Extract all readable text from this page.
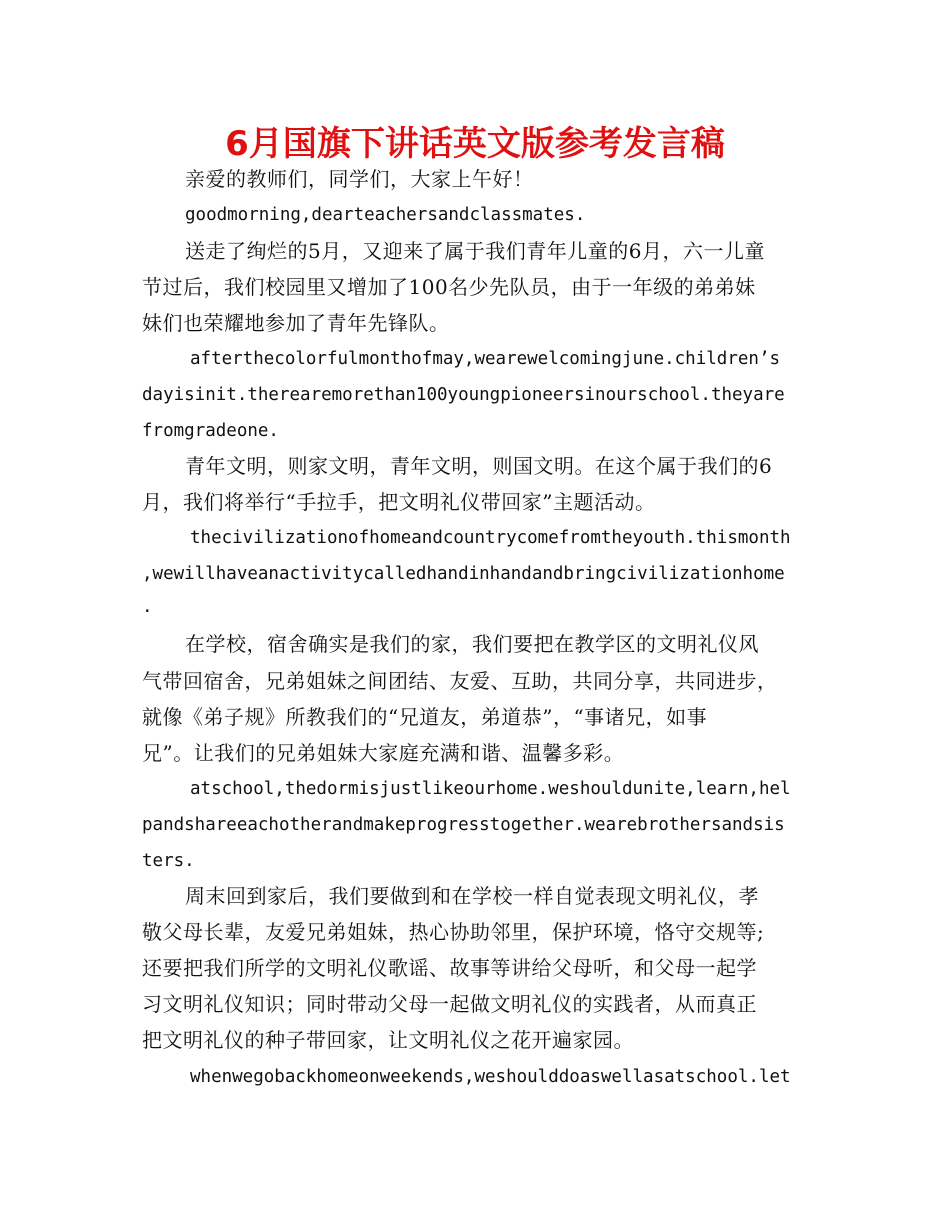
6月国旗下讲话英文版参考发言稿

亲爱的教师们，同学们，大家上午好！

goodmorning,dearteachersandclassmates.

送走了绚烂的5月，又迎来了属于我们青年儿童的6月，六一儿童

节过后，我们校园里又增加了100名少先队员，由于一年级的弟弟妹

妹们也荣耀地参加了青年先锋队。

afterthecolorfulmonthofmay,wearewelcomingjune.children’s

dayisinit.therearemorethan100youngpioneersinourschool.theyare

fromgradeone.

青年文明，则家文明，青年文明，则国文明。在这个属于我们的6

月，我们将举行“手拉手，把文明礼仪带回家”主题活动。

thecivilizationofhomeandcountrycomefromtheyouth.thismonth

,wewillhaveanactivitycalledhandinhandandbringcivilizationhome

.

在学校，宿舍确实是我们的家，我们要把在教学区的文明礼仪风

气带回宿舍，兄弟姐妹之间团结、友爱、互助，共同分享，共同进步，

就像《弟子规》所教我们的“兄道友，弟道恭”，“事诸兄，如事

兄”。让我们的兄弟姐妹大家庭充满和谐、温馨多彩。

atschool,thedormisjustlikeourhome.weshouldunite,learn,hel

pandshareeachotherandmakeprogresstogether.wearebrothersandsis

ters.

周末回到家后，我们要做到和在学校一样自觉表现文明礼仪，孝

敬父母长辈，友爱兄弟姐妹，热心协助邻里，保护环境，恪守交规等;

还要把我们所学的文明礼仪歌谣、故事等讲给父母听，和父母一起学

习文明礼仪知识；同时带动父母一起做文明礼仪的实践者，从而真正

把文明礼仪的种子带回家，让文明礼仪之花开遍家园。

whenwegobackhomeonweekends,weshoulddoaswellasatschool.let
